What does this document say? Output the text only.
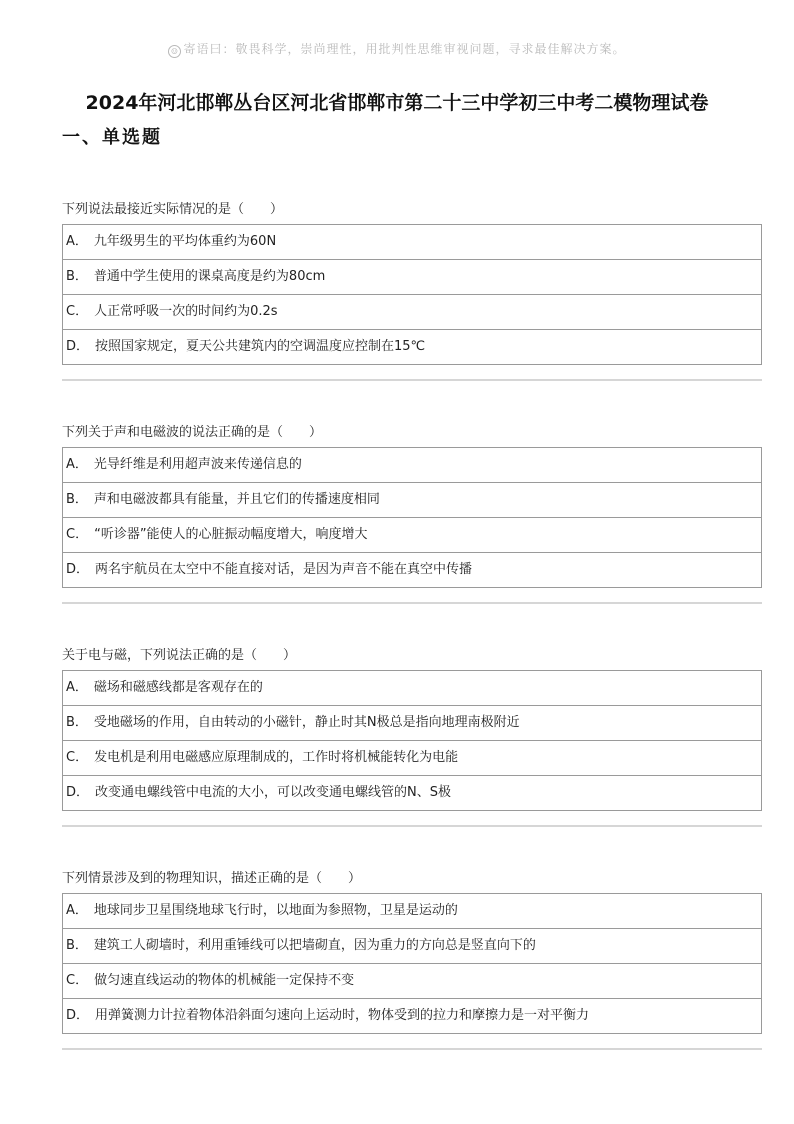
☺ 寄语曰：敬畏科学，崇尚理性，用批判性思维审视问题，寻求最佳解决方案。
2024年河北邯郸丛台区河北省邯郸市第二十三中学初三中考二模物理试卷
一、单选题
下列说法最接近实际情况的是（　　）
A． 九年级男生的平均体重约为60N
B． 普通中学生使用的课桌高度是约为80cm
C． 人正常呼吸一次的时间约为0.2s
D． 按照国家规定，夏天公共建筑内的空调温度应控制在15℃
下列关于声和电磁波的说法正确的是（　　）
A． 光导纤维是利用超声波来传递信息的
B． 声和电磁波都具有能量，并且它们的传播速度相同
C． “听诊器”能使人的心脏振动幅度增大，响度增大
D． 两名宇航员在太空中不能直接对话，是因为声音不能在真空中传播
关于电与磁，下列说法正确的是（　　）
A． 磁场和磁感线都是客观存在的
B． 受地磁场的作用，自由转动的小磁针，静止时其N极总是指向地理南极附近
C． 发电机是利用电磁感应原理制成的，工作时将机械能转化为电能
D． 改变通电螺线管中电流的大小，可以改变通电螺线管的N、S极
下列情景涉及到的物理知识，描述正确的是（　　）
A． 地球同步卫星围绕地球飞行时，以地面为参照物，卫星是运动的
B． 建筑工人砌墙时，利用重锤线可以把墙砌直，因为重力的方向总是竖直向下的
C． 做匀速直线运动的物体的机械能一定保持不变
D． 用弹簧测力计拉着物体沿斜面匀速向上运动时，物体受到的拉力和摩擦力是一对平衡力
